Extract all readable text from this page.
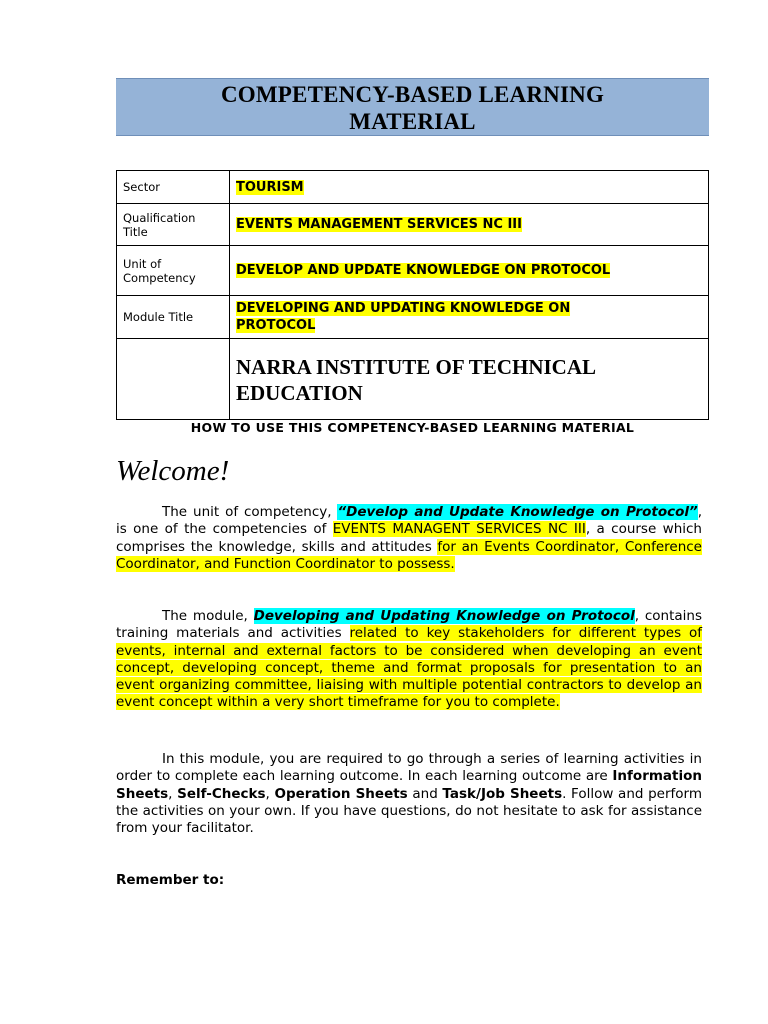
COMPETENCY-BASED LEARNING
MATERIAL
Sector	TOURISM
Qualification
Title	EVENTS MANAGEMENT SERVICES NC III
Unit of
Competency	DEVELOP AND UPDATE KNOWLEDGE ON PROTOCOL
Module Title	DEVELOPING AND UPDATING KNOWLEDGE ON
PROTOCOL

	NARRA INSTITUTE OF TECHNICAL
EDUCATION
HOW TO USE THIS COMPETENCY-BASED LEARNING MATERIAL
Welcome!

The unit of competency, “Develop and Update Knowledge on Protocol”, is one of the competencies of EVENTS MANAGENT SERVICES NC III, a course which comprises the knowledge, skills and attitudes for an Events Coordinator, Conference Coordinator, and Function Coordinator to possess.

The module, Developing and Updating Knowledge on Protocol, contains training materials and activities related to key stakeholders for different types of events, internal and external factors to be considered when developing an event concept, developing concept, theme and format proposals for presentation to an event organizing committee, liaising with multiple potential contractors to develop an event concept within a very short timeframe for you to complete.

In this module, you are required to go through a series of learning activities in order to complete each learning outcome. In each learning outcome are Information Sheets, Self-Checks, Operation Sheets and Task/Job Sheets. Follow and perform the activities on your own. If you have questions, do not hesitate to ask for assistance from your facilitator.

Remember to:
